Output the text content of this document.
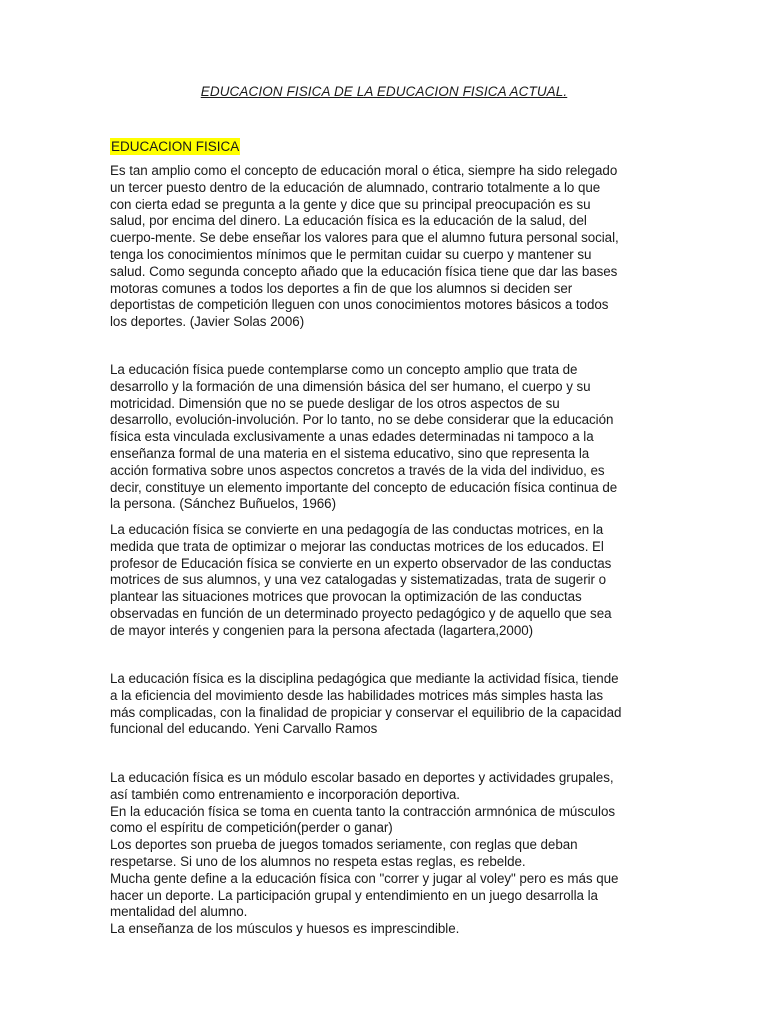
EDUCACION FISICA DE LA EDUCACION FISICA ACTUAL.
EDUCACION FISICA
Es tan amplio como el concepto de educación moral o ética, siempre ha sido relegado
un tercer puesto dentro de la educación de alumnado, contrario totalmente a lo que
con cierta edad se pregunta a la gente y dice que su principal preocupación es su
salud, por encima del dinero. La educación física es la educación de la salud, del
cuerpo-mente. Se debe enseñar los valores para que el alumno futura personal social,
tenga los conocimientos mínimos que le permitan cuidar su cuerpo y mantener su
salud. Como segunda concepto añado que la educación física tiene que dar las bases
motoras comunes a todos los deportes a fin de que los alumnos si deciden ser
deportistas de competición lleguen con unos conocimientos motores básicos a todos
los deportes. (Javier Solas 2006)
La educación física puede contemplarse como un concepto amplio que trata de
desarrollo y la formación de una dimensión básica del ser humano, el cuerpo y su
motricidad. Dimensión que no se puede desligar de los otros aspectos de su
desarrollo, evolución-involución. Por lo tanto, no se debe considerar que la educación
física esta vinculada exclusivamente a unas edades determinadas ni tampoco a la
enseñanza formal de una materia en el sistema educativo, sino que representa la
acción formativa sobre unos aspectos concretos a través de la vida del individuo, es
decir, constituye un elemento importante del concepto de educación física continua de
la persona. (Sánchez Buñuelos, 1966)
La educación física se convierte en una pedagogía de las conductas motrices, en la
medida que trata de optimizar o mejorar las conductas motrices de los educados. El
profesor de Educación física se convierte en un experto observador de las conductas
motrices de sus alumnos, y una vez catalogadas y sistematizadas, trata de sugerir o
plantear las situaciones motrices que provocan la optimización de las conductas
observadas en función de un determinado proyecto pedagógico y de aquello que sea
de mayor interés y congenien para la persona afectada (lagartera,2000)
La educación física es la disciplina pedagógica que mediante la actividad física, tiende
a la eficiencia del movimiento desde las habilidades motrices más simples hasta las
más complicadas, con la finalidad de propiciar y conservar el equilibrio de la capacidad
funcional del educando. Yeni Carvallo Ramos
La educación física es un módulo escolar basado en deportes y actividades grupales,
así también como entrenamiento e incorporación deportiva.
En la educación física se toma en cuenta tanto la contracción armnónica de músculos
como el espíritu de competición(perder o ganar)
Los deportes son prueba de juegos tomados seriamente, con reglas que deban
respetarse. Si uno de los alumnos no respeta estas reglas, es rebelde.
Mucha gente define a la educación física con "correr y jugar al voley" pero es más que
hacer un deporte. La participación grupal y entendimiento en un juego desarrolla la
mentalidad del alumno.
La enseñanza de los músculos y huesos es imprescindible.
